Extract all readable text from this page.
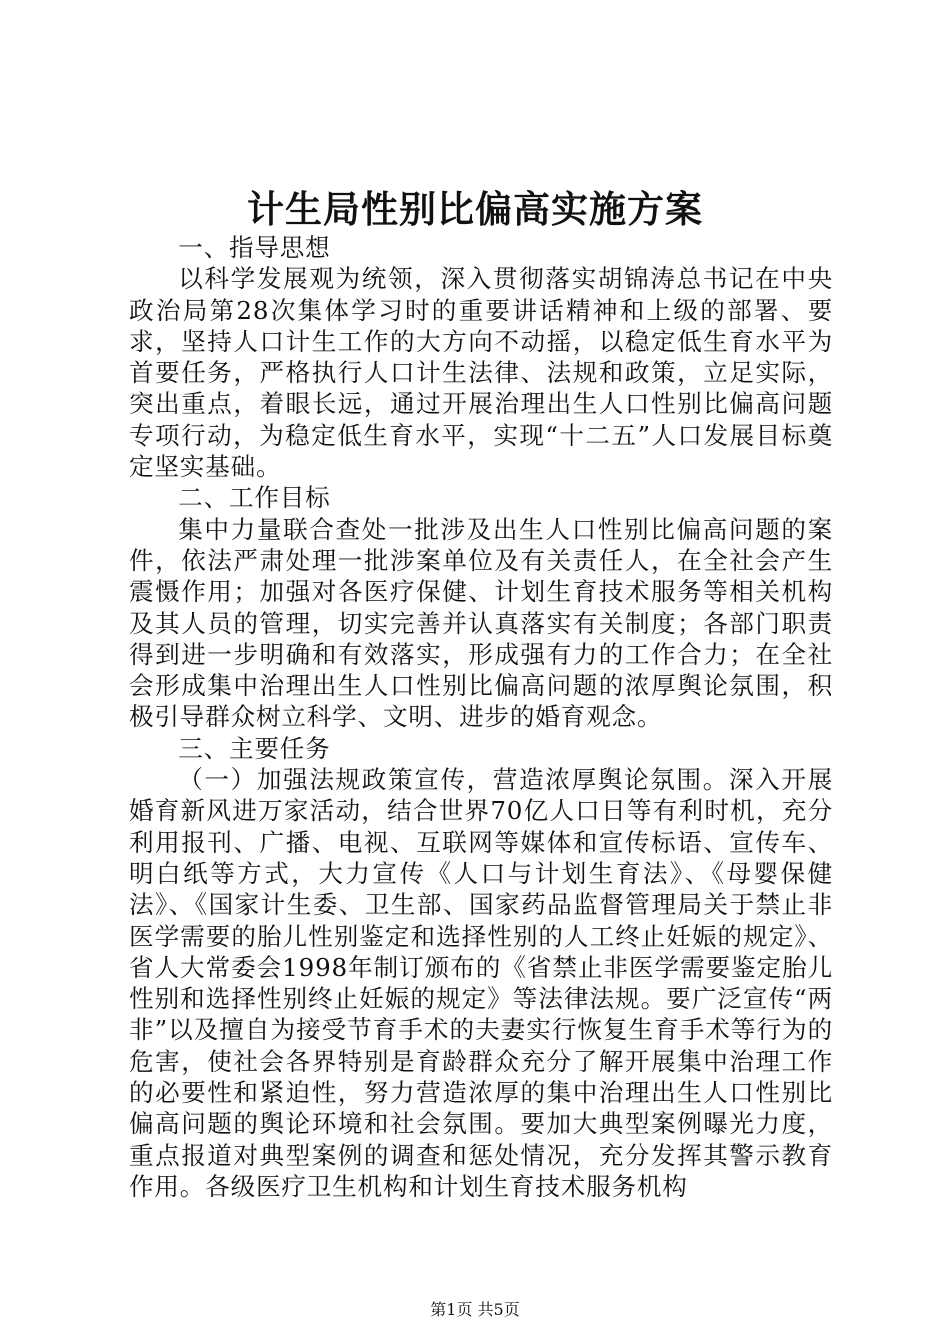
计生局性别比偏高实施方案

一、指导思想

以科学发展观为统领，深入贯彻落实胡锦涛总书记在中央政治局第28次集体学习时的重要讲话精神和上级的部署、要求，坚持人口计生工作的大方向不动摇，以稳定低生育水平为首要任务，严格执行人口计生法律、法规和政策，立足实际，突出重点，着眼长远，通过开展治理出生人口性别比偏高问题专项行动，为稳定低生育水平，实现“十二五”人口发展目标奠定坚实基础。

二、工作目标

集中力量联合查处一批涉及出生人口性别比偏高问题的案件，依法严肃处理一批涉案单位及有关责任人，在全社会产生震慑作用；加强对各医疗保健、计划生育技术服务等相关机构及其人员的管理，切实完善并认真落实有关制度；各部门职责得到进一步明确和有效落实，形成强有力的工作合力；在全社会形成集中治理出生人口性别比偏高问题的浓厚舆论氛围，积极引导群众树立科学、文明、进步的婚育观念。

三、主要任务

（一）加强法规政策宣传，营造浓厚舆论氛围。深入开展婚育新风进万家活动，结合世界70亿人口日等有利时机，充分利用报刊、广播、电视、互联网等媒体和宣传标语、宣传车、明白纸等方式，大力宣传《人口与计划生育法》、《母婴保健法》、《国家计生委、卫生部、国家药品监督管理局关于禁止非医学需要的胎儿性别鉴定和选择性别的人工终止妊娠的规定》、省人大常委会1998年制订颁布的《省禁止非医学需要鉴定胎儿性别和选择性别终止妊娠的规定》等法律法规。要广泛宣传“两非”以及擅自为接受节育手术的夫妻实行恢复生育手术等行为的危害，使社会各界特别是育龄群众充分了解开展集中治理工作的必要性和紧迫性，努力营造浓厚的集中治理出生人口性别比偏高问题的舆论环境和社会氛围。要加大典型案例曝光力度，重点报道对典型案例的调查和惩处情况，充分发挥其警示教育作用。各级医疗卫生机构和计划生育技术服务机构

第1页 共5页
